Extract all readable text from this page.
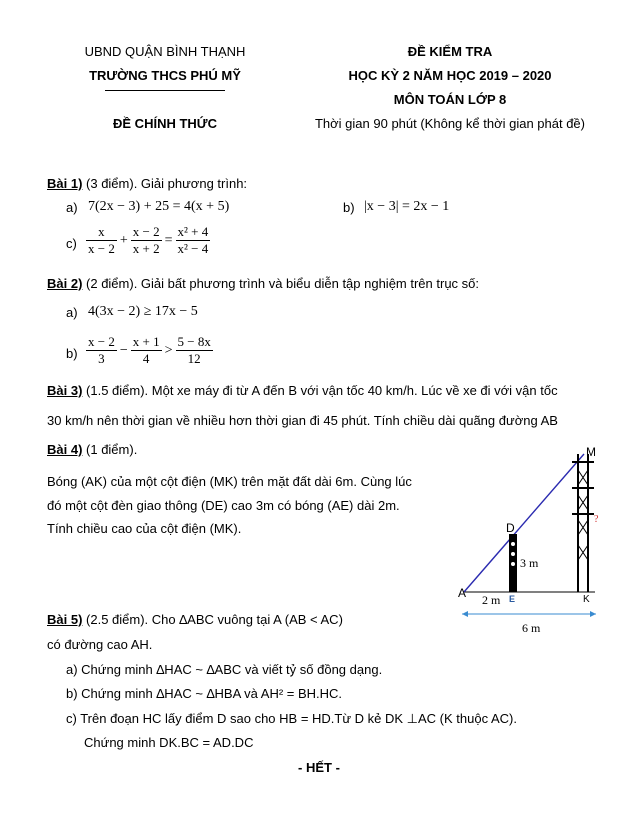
UBND QUẬN BÌNH THẠNH
TRƯỜNG THCS PHÚ MỸ
ĐỀ CHÍNH THỨC
ĐỀ KIỂM TRA
HỌC KỲ 2 NĂM HỌC 2019 – 2020
MÔN TOÁN LỚP 8
Thời gian 90 phút (Không kể thời gian phát đề)
Bài 1) (3 điểm). Giải phương trình:
a) 7(2x − 3) + 25 = 4(x + 5)	b) |x − 3| = 2x − 1
$c) \frac{x}{x - 2} + \frac{x - 2}{x + 2} = \frac{\text{x² + 4}}{\text{x² − 4}}$
Bài 2) (2 điểm). Giải bất phương trình và biểu diễn tập nghiệm trên trục số:
a) 4(3x − 2) ≥ 17x − 5
$b) \frac{x - 2}{3} - \frac{x + 1}{4} > \frac{5 - 8x}{12}$
Bài 3) (1.5 điểm). Một xe máy đi từ A đến B với vận tốc 40 km/h. Lúc về xe đi với vận tốc
30 km/h nên thời gian về nhiều hơn thời gian đi 45 phút. Tính chiều dài quãng đường AB
Bài 4) (1 điểm).
Bóng (AK) của một cột điện (MK) trên mặt đất dài 6m. Cùng lúc
đó một cột đèn giao thông (DE) cao 3m có bóng (AE) dài 2m.
Tính chiều cao của cột điện (MK).
M
D
A	E	K
3 m
2 m
6 m
?
Bài 5) (2.5 điểm). Cho ∆ABC vuông tại A (AB < AC)
có đường cao AH.
a) Chứng minh ∆HAC ~ ∆ABC và viết tỷ số đồng dạng.
b) Chứng minh ∆HAC ~ ∆HBA và AH² = BH.HC.
c) Trên đoạn HC lấy điểm D sao cho HB = HD.Từ D kẻ DK ⊥AC (K thuộc AC).
Chứng minh DK.BC = AD.DC
- HẾT -
